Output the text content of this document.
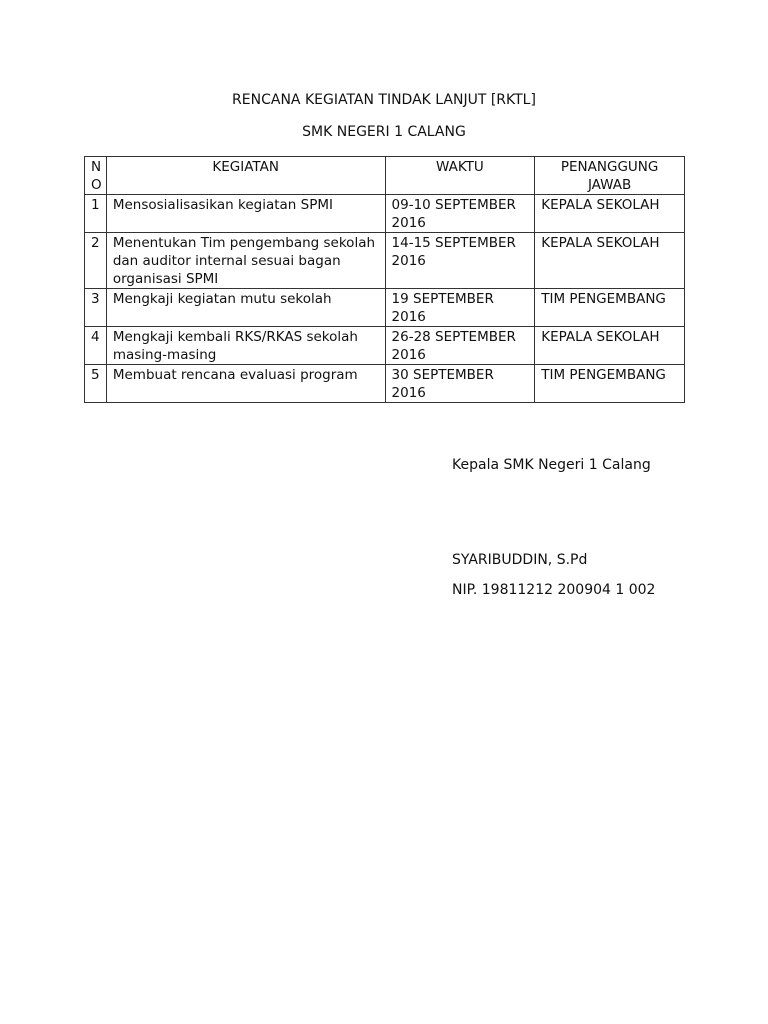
RENCANA KEGIATAN TINDAK LANJUT [RKTL]
SMK NEGERI 1 CALANG
N O	KEGIATAN	WAKTU	PENANGGUNG JAWAB
1	Mensosialisasikan kegiatan SPMI	09-10 SEPTEMBER 2016	KEPALA SEKOLAH
2	Menentukan Tim pengembang sekolah dan auditor internal sesuai bagan organisasi SPMI	14-15 SEPTEMBER 2016	KEPALA SEKOLAH
3	Mengkaji kegiatan mutu sekolah	19 SEPTEMBER 2016	TIM PENGEMBANG
4	Mengkaji kembali RKS/RKAS sekolah masing-masing	26-28 SEPTEMBER 2016	KEPALA SEKOLAH
5	Membuat rencana evaluasi program	30 SEPTEMBER 2016	TIM PENGEMBANG

Kepala SMK Negeri 1 Calang

SYARIBUDDIN, S.Pd

NIP. 19811212 200904 1 002
